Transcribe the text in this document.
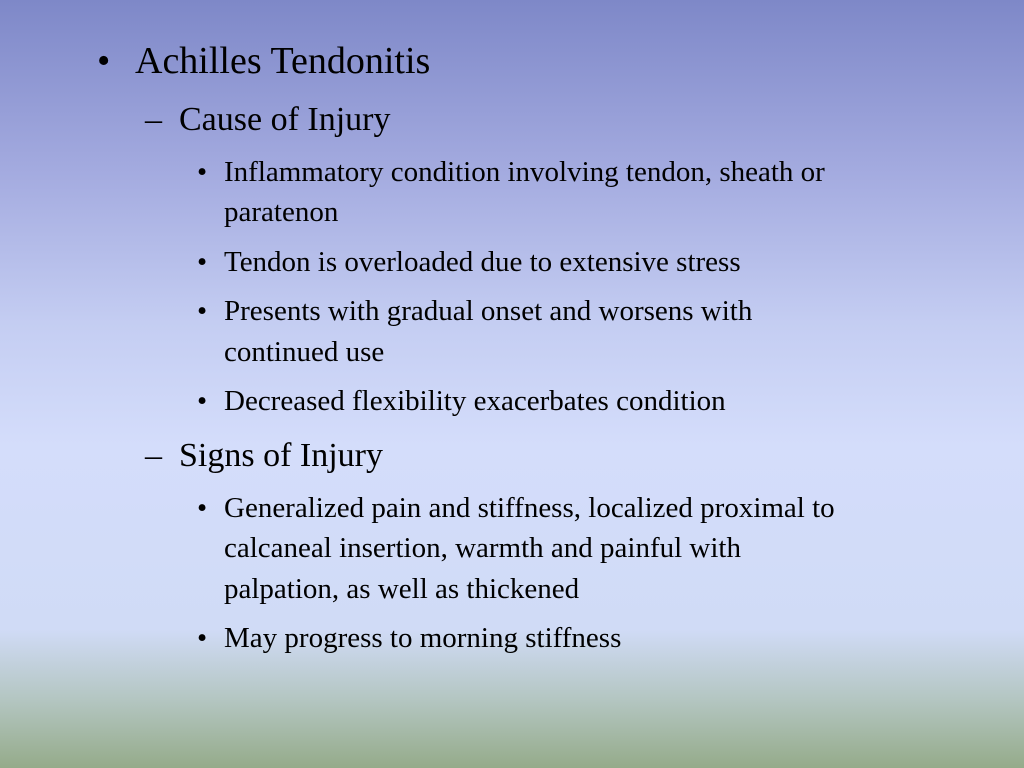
• Achilles Tendonitis
– Cause of Injury
• Inflammatory condition involving tendon, sheath or
paratenon
• Tendon is overloaded due to extensive stress
• Presents with gradual onset and worsens with
continued use
• Decreased flexibility exacerbates condition
– Signs of Injury
• Generalized pain and stiffness, localized proximal to
calcaneal insertion, warmth and painful with
palpation, as well as thickened
• May progress to morning stiffness
